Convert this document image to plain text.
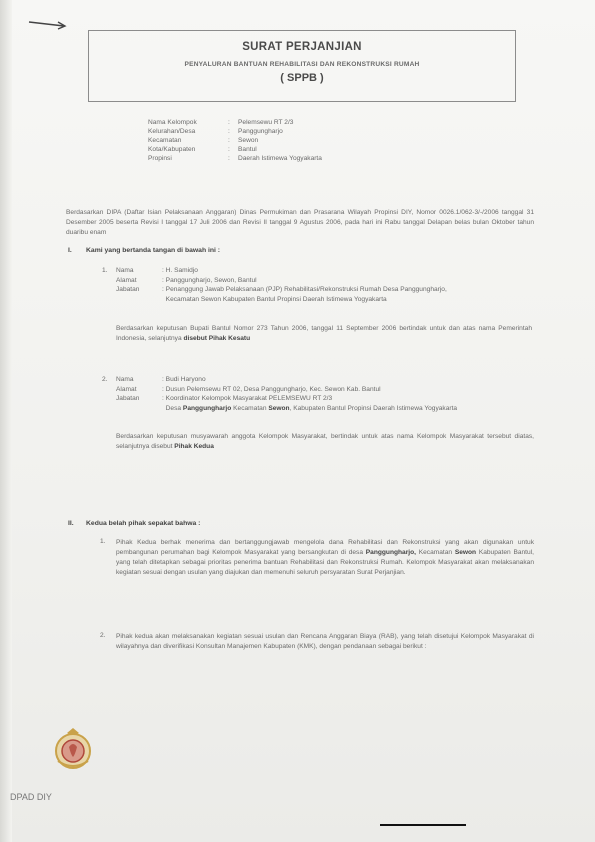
SURAT PERJANJIAN
PENYALURAN BANTUAN REHABILITASI DAN REKONSTRUKSI RUMAH
( SPPB )
Nama Kelompok	:	Pelemsewu RT 2/3
Kelurahan/Desa	:	Panggungharjo
Kecamatan	:	Sewon
Kota/Kabupaten	:	Bantul
Propinsi	:	Daerah Istimewa Yogyakarta
Berdasarkan DIPA (Daftar Isian Pelaksanaan Anggaran) Dinas Permukiman dan Prasarana Wilayah Propinsi DIY, Nomor 0026.1/062-3/-/2006 tanggal 31 Desember 2005 beserta Revisi I tanggal 17 Juli 2006 dan Revisi II tanggal 9 Agustus 2006, pada hari ini Rabu tanggal Delapan belas bulan Oktober tahun duaribu enam
I. Kami yang bertanda tangan di bawah ini :
1.	Nama	: H. Samidjo
Alamat	: Panggungharjo, Sewon, Bantul
Jabatan	: Penanggung Jawab Pelaksanaan (PJP) Rehabilitasi/Rekonstruksi Rumah Desa Panggungharjo, Kecamatan Sewon Kabupaten Bantul Propinsi Daerah Istimewa Yogyakarta
Berdasarkan keputusan Bupati Bantul Nomor 273 Tahun 2006, tanggal 11 September 2006 bertindak untuk dan atas nama Pemerintah Indonesia, selanjutnya disebut Pihak Kesatu
2.	Nama	: Budi Haryono
Alamat	: Dusun Pelemsewu RT 02, Desa Panggungharjo, Kec. Sewon Kab. Bantul
Jabatan	: Koordinator Kelompok Masyarakat PELEMSEWU RT 2/3
Desa Panggungharjo Kecamatan Sewon, Kabupaten Bantul Propinsi Daerah Istimewa Yogyakarta
Berdasarkan keputusan musyawarah anggota Kelompok Masyarakat, bertindak untuk atas nama Kelompok Masyarakat tersebut diatas, selanjutnya disebut Pihak Kedua
II. Kedua belah pihak sepakat bahwa :
1. Pihak Kedua berhak menerima dan bertanggungjawab mengelola dana Rehabilitasi dan Rekonstruksi yang akan digunakan untuk pembangunan perumahan bagi Kelompok Masyarakat yang bersangkutan di desa Panggungharjo, Kecamatan Sewon Kabupaten Bantul, yang telah ditetapkan sebagai prioritas penerima bantuan Rehabilitasi dan Rekonstruksi Rumah. Kelompok Masyarakat akan melaksanakan kegiatan sesuai dengan usulan yang diajukan dan memenuhi seluruh persyaratan Surat Perjanjian.
2. Pihak kedua akan melaksanakan kegiatan sesuai usulan dan Rencana Anggaran Biaya (RAB), yang telah disetujui Kelompok Masyarakat di wilayahnya dan diverifikasi Konsultan Manajemen Kabupaten (KMK), dengan pendanaan sebagai berikut :
DPAD DIY
